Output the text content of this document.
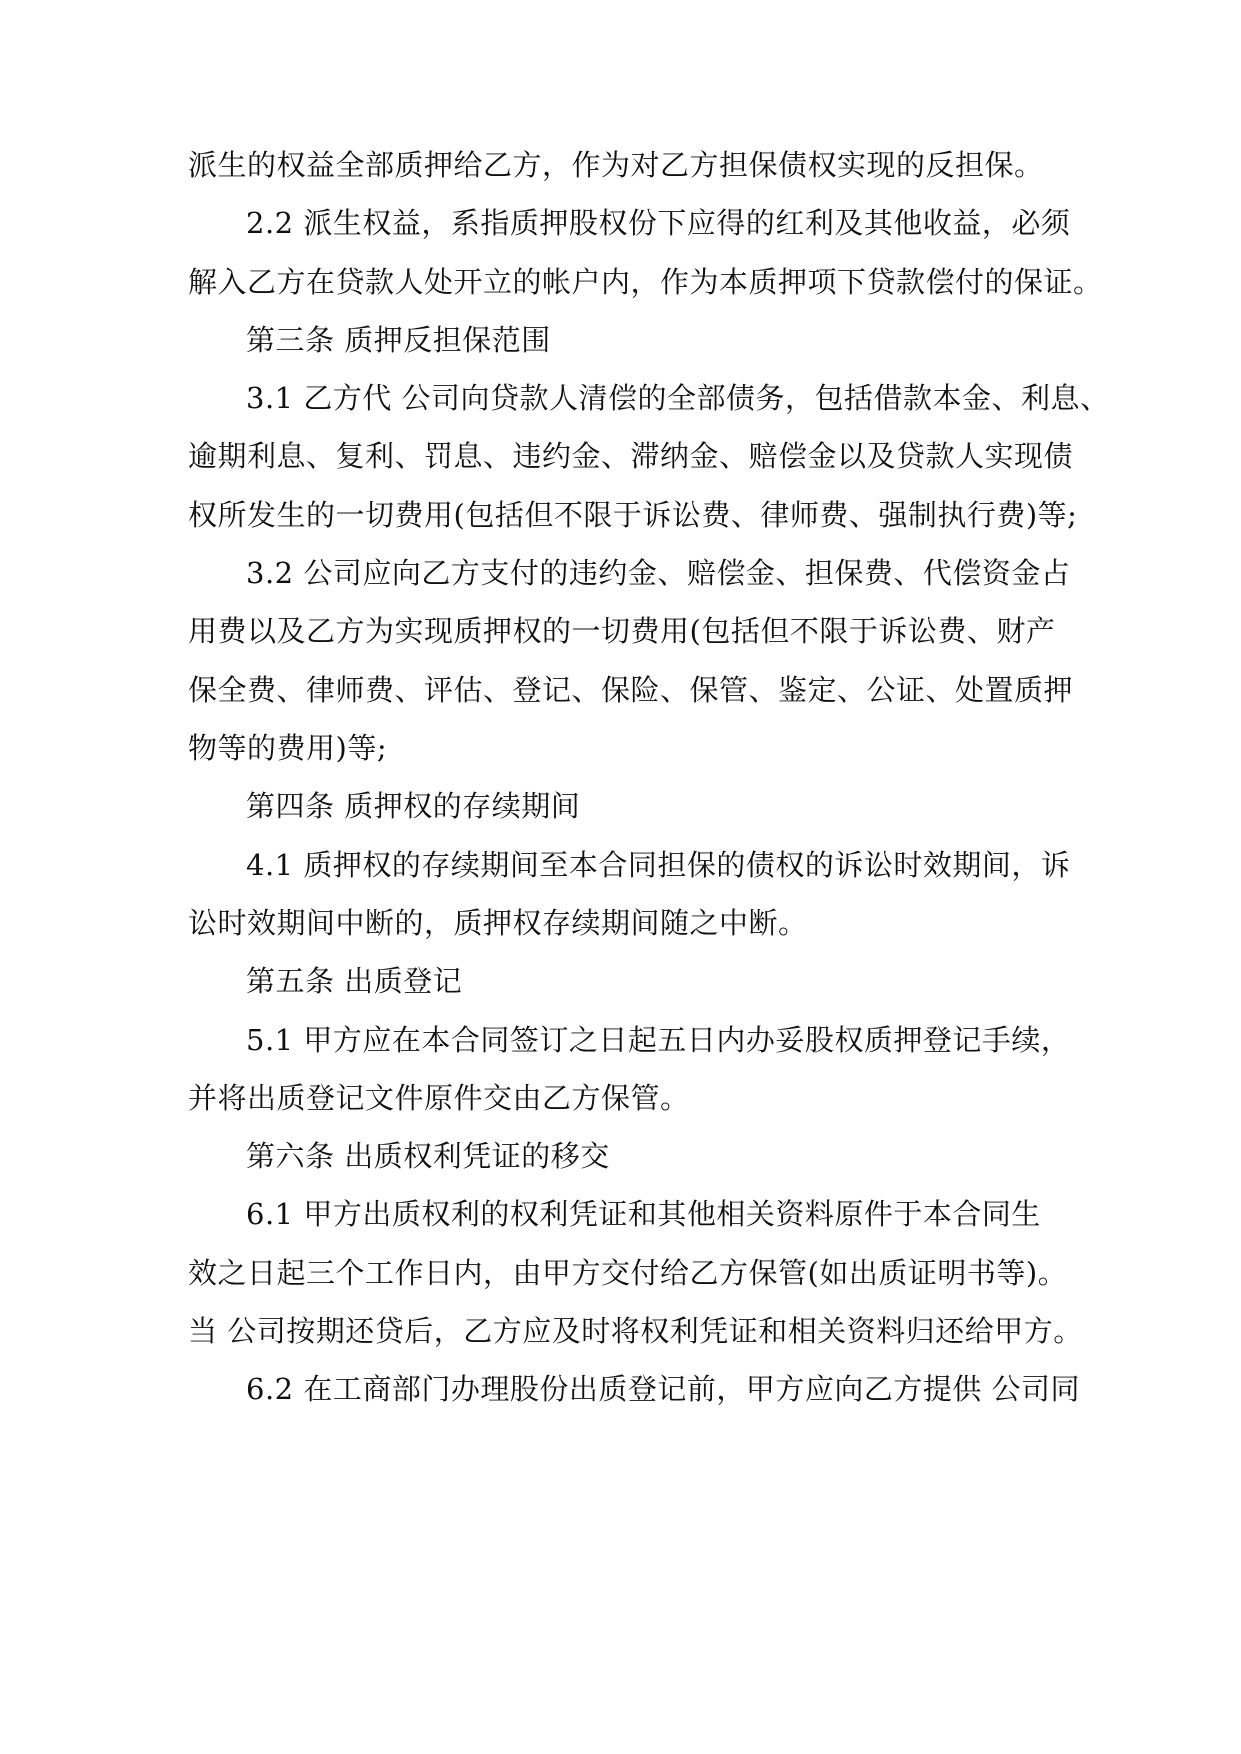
派生的权益全部质押给乙方，作为对乙方担保债权实现的反担保。
2.2 派生权益，系指质押股权份下应得的红利及其他收益，必须
解入乙方在贷款人处开立的帐户内，作为本质押项下贷款偿付的保证。
第三条 质押反担保范围
3.1 乙方代 公司向贷款人清偿的全部债务，包括借款本金、利息、
逾期利息、复利、罚息、违约金、滞纳金、赔偿金以及贷款人实现债
权所发生的一切费用(包括但不限于诉讼费、律师费、强制执行费)等;
3.2 公司应向乙方支付的违约金、赔偿金、担保费、代偿资金占
用费以及乙方为实现质押权的一切费用(包括但不限于诉讼费、财产
保全费、律师费、评估、登记、保险、保管、鉴定、公证、处置质押
物等的费用)等;
第四条 质押权的存续期间
4.1 质押权的存续期间至本合同担保的债权的诉讼时效期间，诉
讼时效期间中断的，质押权存续期间随之中断。
第五条 出质登记
5.1 甲方应在本合同签订之日起五日内办妥股权质押登记手续，
并将出质登记文件原件交由乙方保管。
第六条 出质权利凭证的移交
6.1 甲方出质权利的权利凭证和其他相关资料原件于本合同生
效之日起三个工作日内，由甲方交付给乙方保管(如出质证明书等)。
当 公司按期还贷后，乙方应及时将权利凭证和相关资料归还给甲方。
6.2 在工商部门办理股份出质登记前，甲方应向乙方提供 公司同
